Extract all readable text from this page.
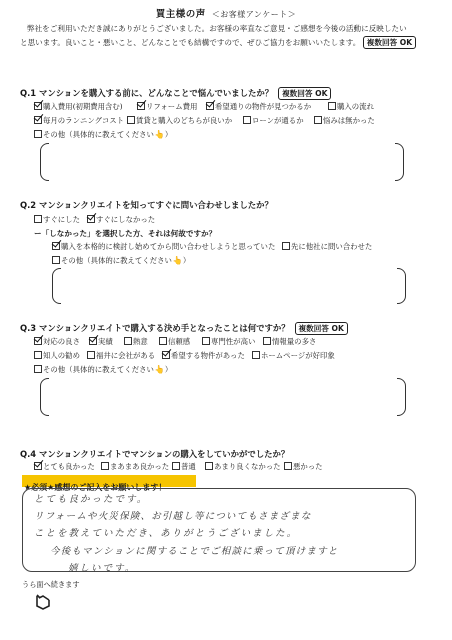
買主様の声 ＜お客様アンケート＞
弊社をご利用いただき誠にありがとうございました。お客様の率直なご意見・ご感想を今後の活動に反映したい
と思います。良いこと・悪いこと、どんなことでも結構ですので、ぜひご協力をお願いいたします。 複数回答 OK
Q.1 マンションを購入する前に、どんなことで悩んでいましたか？ 複数回答 OK
購入費用(初期費用含む)	リフォーム費用 希望通りの物件が見つかるか	購入の流れ
毎月のランニングコスト 賃貸と購入のどちらが良いか	ローンが通るか	悩みは無かった
その他（具体的に教えてください👆）
Q.2 マンションクリエイトを知ってすぐに問い合わせしましたか？
すぐにした すぐにしなかった
ー「しなかった」を選択した方、それは何故ですか？
購入を本格的に検討し始めてから問い合わせしようと思っていた 先に他社に問い合わせた
その他（具体的に教えてください👆）
Q.3 マンションクリエイトで購入する決め手となったことは何ですか？ 複数回答 OK
対応の良さ 実績	熱意	信頼感	専門性が高い 情報量の多さ
知人の勧め 福井に会社がある 希望する物件があった ホームページが好印象
その他（具体的に教えてください👆）
Q.4 マンションクリエイトでマンションの購入をしていかがでしたか？
とても良かった まあまあ良かった 普通 あまり良くなかった 悪かった
★必須★感想のご記入をお願いします！
とても良かったです。
リフォームや火災保険、お引越し等についてもさまざまな
ことを教えていただき、ありがとうございました。
今後もマンションに関することでご相談に乗って頂けますと
嬉しいです。
うら面へ続きます
